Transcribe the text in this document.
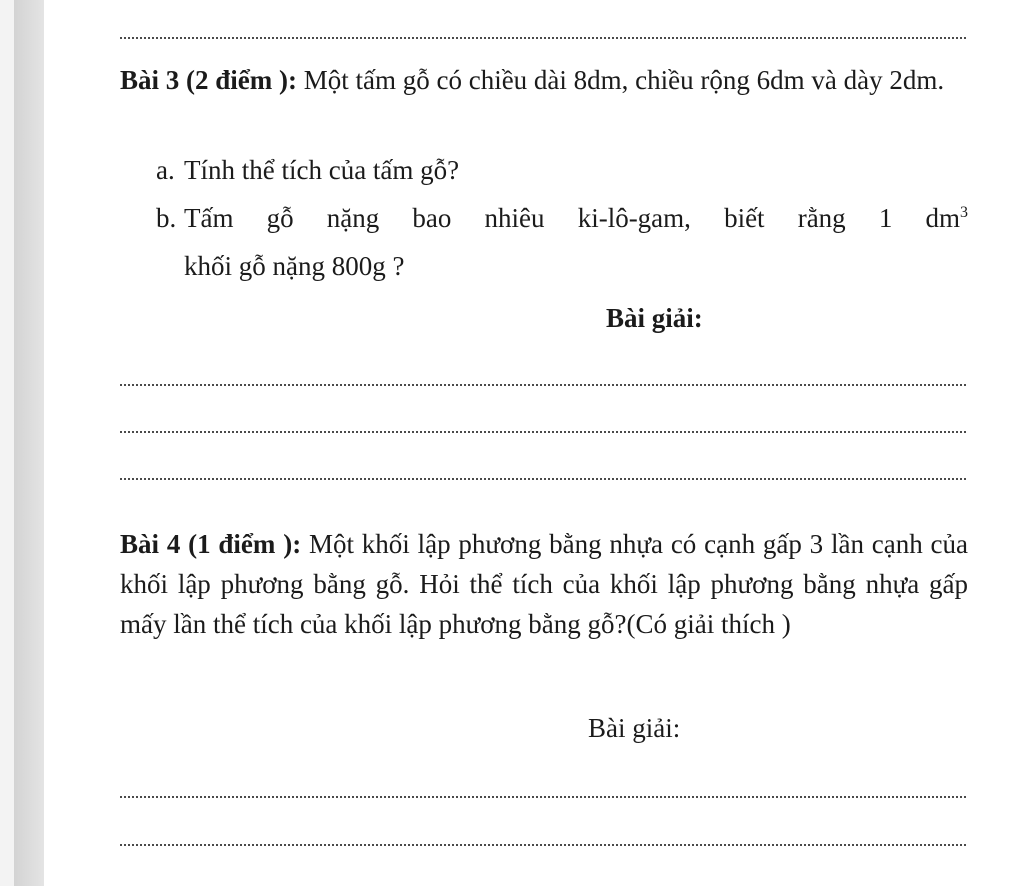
Bài 3 (2 điểm ): Một tấm gỗ có chiều dài 8dm, chiều rộng 6dm và dày 2dm.

a. Tính thể tích của tấm gỗ?

b. Tấm gỗ nặng bao nhiêu ki-lô-gam, biết rằng 1 $dm^3$

khối gỗ nặng 800g ?

Bài giải:

Bài 4 (1 điểm ): Một khối lập phương bằng nhựa có cạnh gấp 3 lần cạnh của khối lập phương bằng gỗ. Hỏi thể tích của khối lập phương bằng nhựa gấp mấy lần thể tích của khối lập phương bằng gỗ?(Có giải thích )

Bài giải:
